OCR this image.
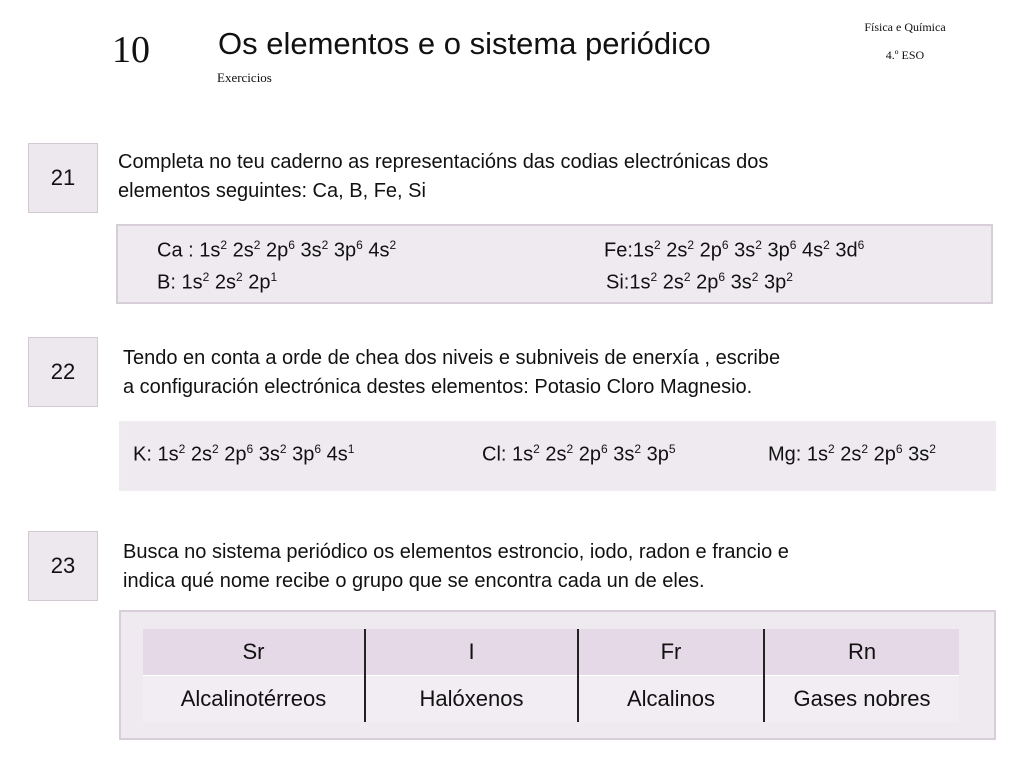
10 Os elementos e o sistema periódico
Exercicios
Física e Química
4.º ESO
21
Completa no teu caderno as representacións das codias electrónicas dos
elementos seguintes: Ca, B, Fe, Si
Ca : $1s^2$ $2s^2$ $2p^6$ $3s^2$ $3p^6$ $4s^2$	$Fe:1s^2$ $2s^2$ $2p^6$ $3s^2$ $3p^6$ $4s^2$ $3d^6$
B: $1s^2$ $2s^2$ $2p^1$	$Si:1s^2$ $2s^2$ $2p^6$ $3s^2$ $3p^2$
22
Tendo en conta a orde de chea dos niveis e subniveis de enerxía , escribe
a configuración electrónica destes elementos: Potasio Cloro Magnesio.
K: $1s^2$ $2s^2$ $2p^6$ $3s^2$ $3p^6$ $4s^1$	Cl: $1s^2$ $2s^2$ $2p^6$ $3s^2$ $3p^5$	Mg: $1s^2$ $2s^2$ $2p^6$ $3s^2$
23
Busca no sistema periódico os elementos estroncio, iodo, radon e francio e
indica qué nome recibe o grupo que se encontra cada un de eles.
Sr	I	Fr	Rn
Alcalinotérreos	Halóxenos	Alcalinos	Gases nobres
